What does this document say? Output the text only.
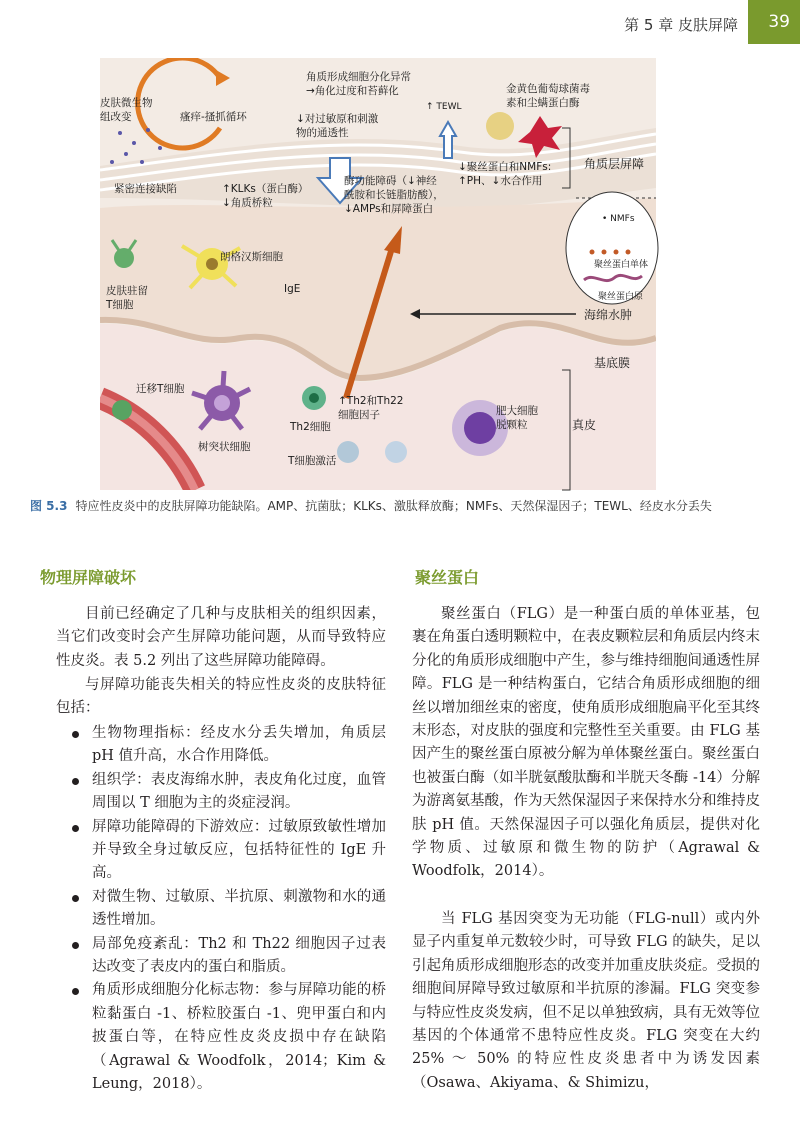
第 5 章 皮肤屏障 39
皮肤微生物
组改变	瘙痒-搔抓循环
角质形成细胞分化异常
→角化过度和苔藓化
↑ TEWL
金黄色葡萄球菌毒
素和尘螨蛋白酶
↓对过敏原和刺激
物的通透性
紧密连接缺陷	↑KLKs（蛋白酶）
↓角质桥粒
酶功能障碍（↓神经
酰胺和长链脂肪酸），
↓AMPs和屏障蛋白
↓聚丝蛋白和NMFs:
↑PH、↓水合作用
朗格汉斯细胞
皮肤驻留
T细胞
IgE
迁移T细胞
↑Th2和Th22
细胞因子
Th2细胞
树突状细胞
T细胞激活
肥大细胞
脱颗粒
• NMFs
聚丝蛋白单体
聚丝蛋白原
角质层屏障
海绵水肿
基底膜
真皮
图 5.3 特应性皮炎中的皮肤屏障功能缺陷。AMP、抗菌肽；KLKs、激肽释放酶；NMFs、天然保湿因子；TEWL、经皮水分丢失
物理屏障破坏

目前已经确定了几种与皮肤相关的组织因素，当它们改变时会产生屏障功能问题，从而导致特应性皮炎。表 5.2 列出了这些屏障功能障碍。

与屏障功能丧失相关的特应性皮炎的皮肤特征包括：

生物物理指标：经皮水分丢失增加，角质层 pH 值升高，水合作用降低。
组织学：表皮海绵水肿，表皮角化过度，血管周围以 T 细胞为主的炎症浸润。
屏障功能障碍的下游效应：过敏原致敏性增加并导致全身过敏反应，包括特征性的 IgE 升高。
对微生物、过敏原、半抗原、刺激物和水的通透性增加。
局部免疫紊乱：Th2 和 Th22 细胞因子过表达改变了表皮内的蛋白和脂质。
角质形成细胞分化标志物：参与屏障功能的桥粒黏蛋白 -1、桥粒胶蛋白 -1、兜甲蛋白和内披蛋白等，在特应性皮炎皮损中存在缺陷（Agrawal & Woodfolk，2014；Kim & Leung，2018）。
聚丝蛋白

聚丝蛋白（FLG）是一种蛋白质的单体亚基，包裹在角蛋白透明颗粒中，在表皮颗粒层和角质层内终末分化的角质形成细胞中产生，参与维持细胞间通透性屏障。FLG 是一种结构蛋白，它结合角质形成细胞的细丝以增加细丝束的密度，使角质形成细胞扁平化至其终末形态，对皮肤的强度和完整性至关重要。由 FLG 基因产生的聚丝蛋白原被分解为单体聚丝蛋白。聚丝蛋白也被蛋白酶（如半胱氨酸肽酶和半胱天冬酶 -14）分解为游离氨基酸，作为天然保湿因子来保持水分和维持皮肤 pH 值。天然保湿因子可以强化角质层，提供对化学物质、过敏原和微生物的防护（Agrawal & Woodfolk，2014）。

当 FLG 基因突变为无功能（FLG-null）或内外显子内重复单元数较少时，可导致 FLG 的缺失，足以引起角质形成细胞形态的改变并加重皮肤炎症。受损的细胞间屏障导致过敏原和半抗原的渗漏。FLG 突变参与特应性皮炎发病，但不足以单独致病，具有无效等位基因的个体通常不患特应性皮炎。FLG 突变在大约 25% ～ 50% 的特应性皮炎患者中为诱发因素（Osawa、Akiyama、& Shimizu，
